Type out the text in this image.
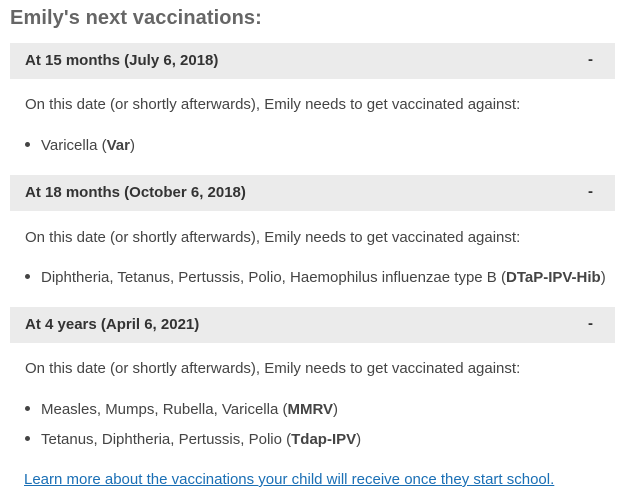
Emily's next vaccinations:
At 15 months (July 6, 2018)	-
On this date (or shortly afterwards), Emily needs to get vaccinated against:
Varicella (Var)
At 18 months (October 6, 2018)	-
On this date (or shortly afterwards), Emily needs to get vaccinated against:
Diphtheria, Tetanus, Pertussis, Polio, Haemophilus influenzae type B (DTaP-IPV-Hib)
At 4 years (April 6, 2021)	-
On this date (or shortly afterwards), Emily needs to get vaccinated against:
Measles, Mumps, Rubella, Varicella (MMRV)
Tetanus, Diphtheria, Pertussis, Polio (Tdap-IPV)
Learn more about the vaccinations your child will receive once they start school.
